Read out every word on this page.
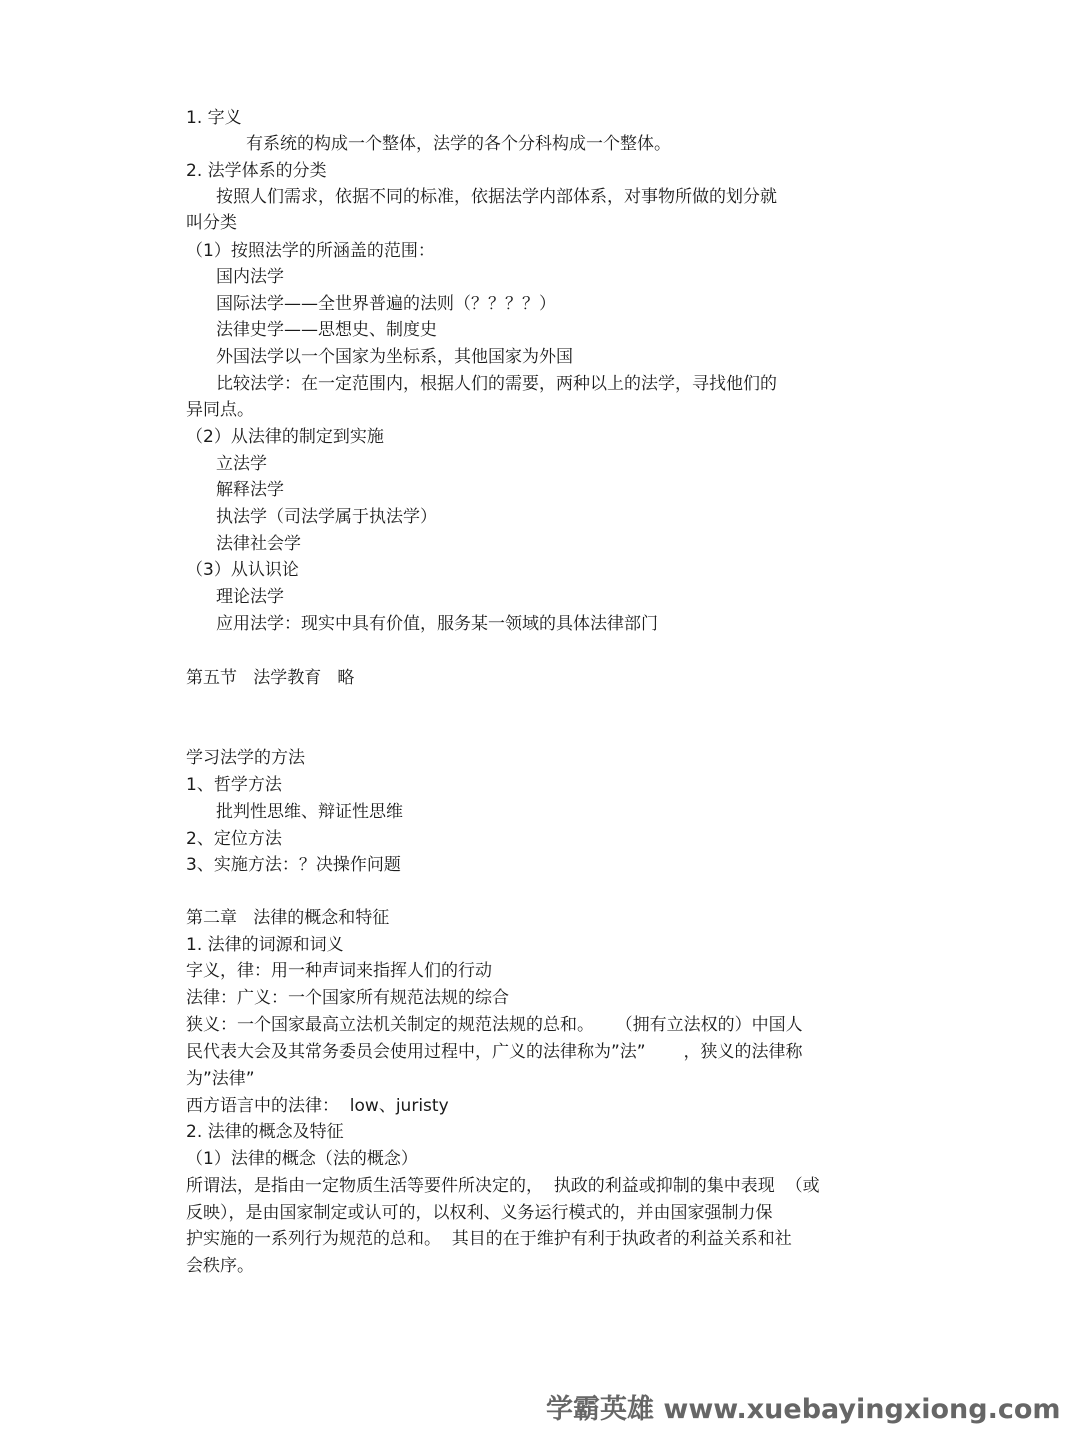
1. 字义
有系统的构成一个整体，法学的各个分科构成一个整体。
2. 法学体系的分类
按照人们需求，依据不同的标准，依据法学内部体系，对事物所做的划分就
叫分类
（1）按照法学的所涵盖的范围：
国内法学
国际法学——全世界普遍的法则（？？？？）
法律史学——思想史、制度史
外国法学以一个国家为坐标系，其他国家为外国
比较法学：在一定范围内，根据人们的需要，两种以上的法学，寻找他们的
异同点。
（2）从法律的制定到实施
立法学
解释法学
执法学（司法学属于执法学）
法律社会学
（3）从认识论
理论法学
应用法学：现实中具有价值，服务某一领域的具体法律部门
第五节   法学教育   略
学习法学的方法
1、哲学方法
批判性思维、辩证性思维
2、定位方法
3、实施方法：？决操作问题
第二章   法律的概念和特征
1. 法律的词源和词义
字义，律：用一种声词来指挥人们的行动
法律：广义：一个国家所有规范法规的综合
狭义：一个国家最高立法机关制定的规范法规的总和。    （拥有立法权的）中国人
民代表大会及其常务委员会使用过程中，广义的法律称为”法”       ，狭义的法律称
为”法律”
西方语言中的法律：  low、juristy
2. 法律的概念及特征
（1）法律的概念（法的概念）
所谓法，是指由一定物质生活等要件所决定的，  执政的利益或抑制的集中表现  （或
反映），是由国家制定或认可的，以权利、义务运行模式的，并由国家强制力保
护实施的一系列行为规范的总和。  其目的在于维护有利于执政者的利益关系和社
会秩序。
学霸英雄 www.xuebayingxiong.com
